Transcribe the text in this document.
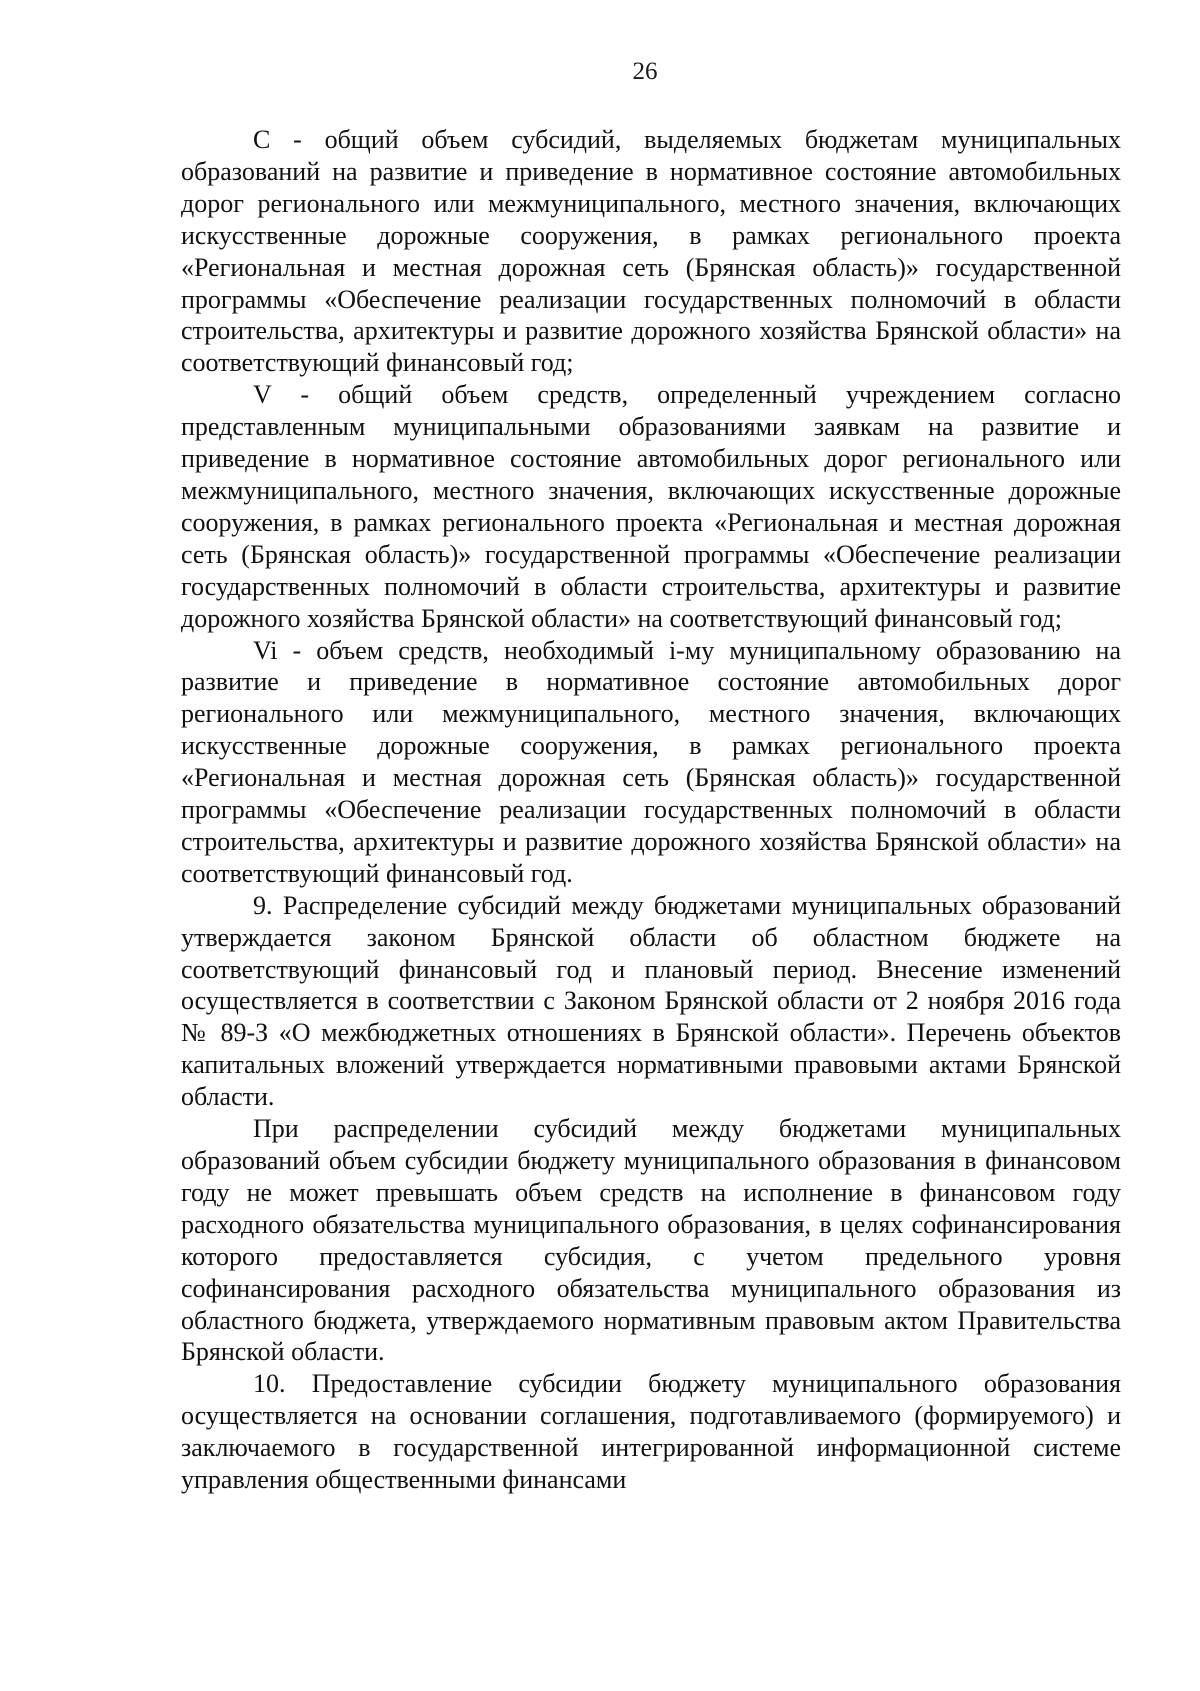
26

С - общий объем субсидий, выделяемых бюджетам муниципальных образований на развитие и приведение в нормативное состояние автомобильных дорог регионального или межмуниципального, местного значения, включающих искусственные дорожные сооружения, в рамках регионального проекта «Региональная и местная дорожная сеть (Брянская область)» государственной программы «Обеспечение реализации государственных полномочий в области строительства, архитектуры и развитие дорожного хозяйства Брянской области» на соответствующий финансовый год;

V - общий объем средств, определенный учреждением согласно представленным муниципальными образованиями заявкам на развитие и приведение в нормативное состояние автомобильных дорог регионального или межмуниципального, местного значения, включающих искусственные дорожные сооружения, в рамках регионального проекта «Региональная и местная дорожная сеть (Брянская область)» государственной программы «Обеспечение реализации государственных полномочий в области строительства, архитектуры и развитие дорожного хозяйства Брянской области» на соответствующий финансовый год;

Vi - объем средств, необходимый i-му муниципальному образованию на развитие и приведение в нормативное состояние автомобильных дорог регионального или межмуниципального, местного значения, включающих искусственные дорожные сооружения, в рамках регионального проекта «Региональная и местная дорожная сеть (Брянская область)» государственной программы «Обеспечение реализации государственных полномочий в области строительства, архитектуры и развитие дорожного хозяйства Брянской области» на соответствующий финансовый год.

9. Распределение субсидий между бюджетами муниципальных образований утверждается законом Брянской области об областном бюджете на соответствующий финансовый год и плановый период. Внесение изменений осуществляется в соответствии с Законом Брянской области от 2 ноября 2016 года № 89-З «О межбюджетных отношениях в Брянской области». Перечень объектов капитальных вложений утверждается нормативными правовыми актами Брянской области.

При распределении субсидий между бюджетами муниципальных образований объем субсидии бюджету муниципального образования в финансовом году не может превышать объем средств на исполнение в финансовом году расходного обязательства муниципального образования, в целях софинансирования которого предоставляется субсидия, с учетом предельного уровня софинансирования расходного обязательства муниципального образования из областного бюджета, утверждаемого нормативным правовым актом Правительства Брянской области.

10. Предоставление субсидии бюджету муниципального образования осуществляется на основании соглашения, подготавливаемого (формируемого) и заключаемого в государственной интегрированной информационной системе управления общественными финансами
